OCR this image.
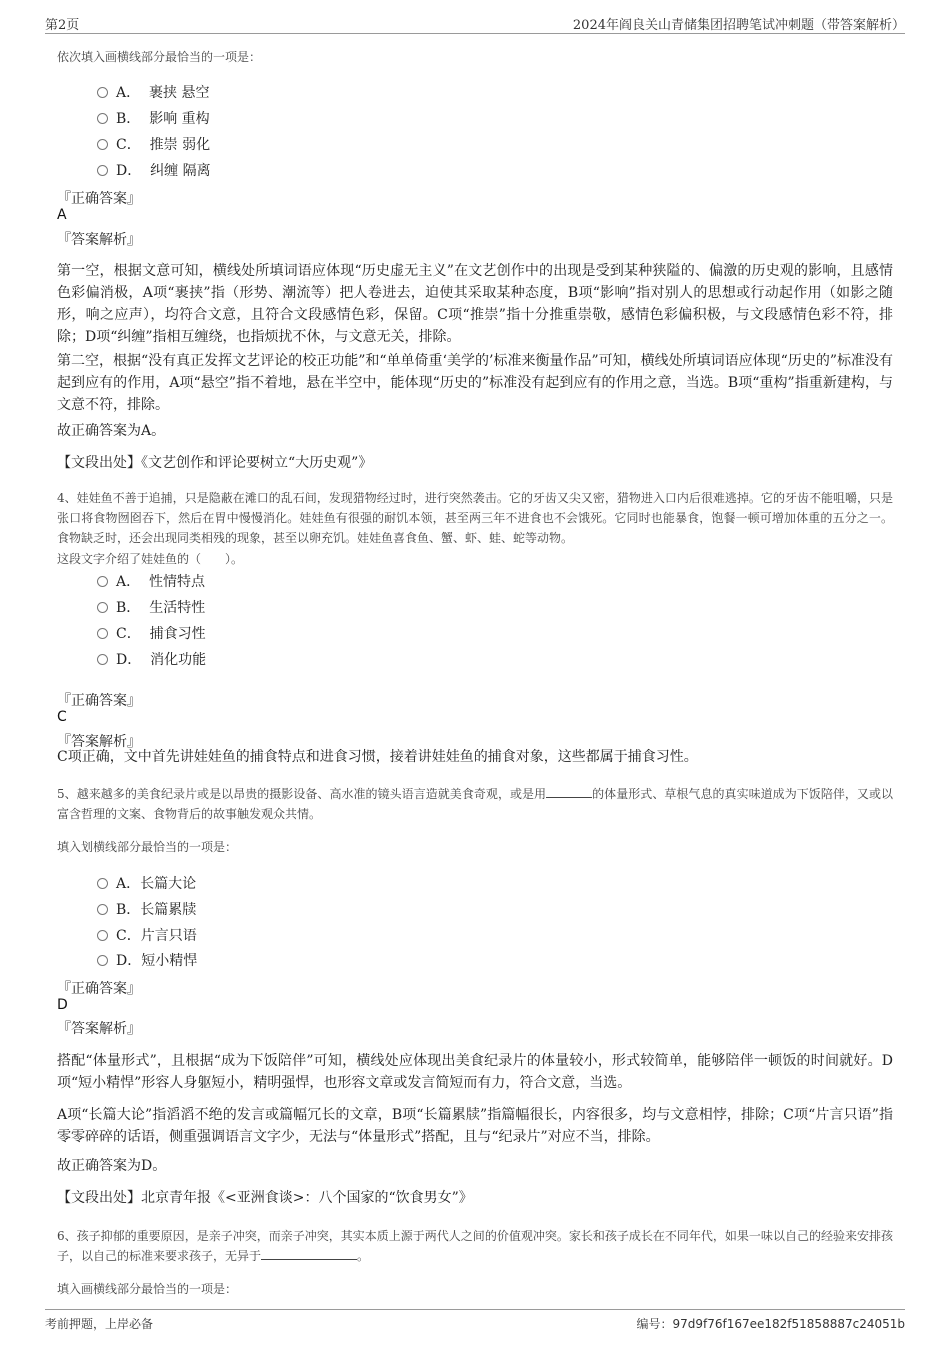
第2页	2024年阎良关山青储集团招聘笔试冲刺题（带答案解析）
依次填入画横线部分最恰当的一项是：
A． 裹挟 悬空
B． 影响 重构
C． 推崇 弱化
D． 纠缠 隔离
『正确答案』
A
『答案解析』
第一空，根据文意可知，横线处所填词语应体现“历史虚无主义”在文艺创作中的出现是受到某种狭隘的、偏激的历史观的影响，且感情色彩偏消极，A项“裹挟”指（形势、潮流等）把人卷进去，迫使其采取某种态度，B项“影响”指对别人的思想或行动起作用（如影之随形，响之应声），均符合文意，且符合文段感情色彩，保留。C项“推崇”指十分推重崇敬，感情色彩偏积极，与文段感情色彩不符，排除；D项“纠缠”指相互缠绕，也指烦扰不休，与文意无关，排除。
第二空，根据“没有真正发挥文艺评论的校正功能”和“单单倚重‘美学的’标准来衡量作品”可知，横线处所填词语应体现“历史的”标准没有起到应有的作用，A项“悬空”指不着地，悬在半空中，能体现“历史的”标准没有起到应有的作用之意，当选。B项“重构”指重新建构，与文意不符，排除。
故正确答案为A。
【文段出处】《文艺创作和评论要树立“大历史观”》
4、娃娃鱼不善于追捕，只是隐蔽在滩口的乱石间，发现猎物经过时，进行突然袭击。它的牙齿又尖又密，猎物进入口内后很难逃掉。它的牙齿不能咀嚼，只是张口将食物囫囵吞下，然后在胃中慢慢消化。娃娃鱼有很强的耐饥本领，甚至两三年不进食也不会饿死。它同时也能暴食，饱餐一顿可增加体重的五分之一。食物缺乏时，还会出现同类相残的现象，甚至以卵充饥。娃娃鱼喜食鱼、蟹、虾、蛙、蛇等动物。
这段文字介绍了娃娃鱼的（　　）。
A． 性情特点
B． 生活特性
C． 捕食习性
D． 消化功能
『正确答案』
C
『答案解析』
C项正确，文中首先讲娃娃鱼的捕食特点和进食习惯，接着讲娃娃鱼的捕食对象，这些都属于捕食习性。
5、越来越多的美食纪录片或是以昂贵的摄影设备、高水准的镜头语言造就美食奇观，或是用	的体量形式、草根气息的真实味道成为下饭陪伴，又或以富含哲理的文案、食物背后的故事触发观众共情。
填入划横线部分最恰当的一项是：
A．长篇大论
B．长篇累牍
C．片言只语
D．短小精悍
『正确答案』
D
『答案解析』
搭配“体量形式”，且根据“成为下饭陪伴”可知，横线处应体现出美食纪录片的体量较小，形式较简单，能够陪伴一顿饭的时间就好。D项“短小精悍”形容人身躯短小，精明强悍，也形容文章或发言简短而有力，符合文意，当选。
A项“长篇大论”指滔滔不绝的发言或篇幅冗长的文章，B项“长篇累牍”指篇幅很长，内容很多，均与文意相悖，排除；C项“片言只语”指零零碎碎的话语，侧重强调语言文字少，无法与“体量形式”搭配，且与“纪录片”对应不当，排除。
故正确答案为D。
【文段出处】北京青年报《<亚洲食谈>：八个国家的“饮食男女”》
6、孩子抑郁的重要原因，是亲子冲突，而亲子冲突，其实本质上源于两代人之间的价值观冲突。家长和孩子成长在不同年代，如果一味以自己的经验来安排孩子，以自己的标准来要求孩子，无异于	。
填入画横线部分最恰当的一项是：
考前押题，上岸必备	编号：97d9f76f167ee182f51858887c24051b
